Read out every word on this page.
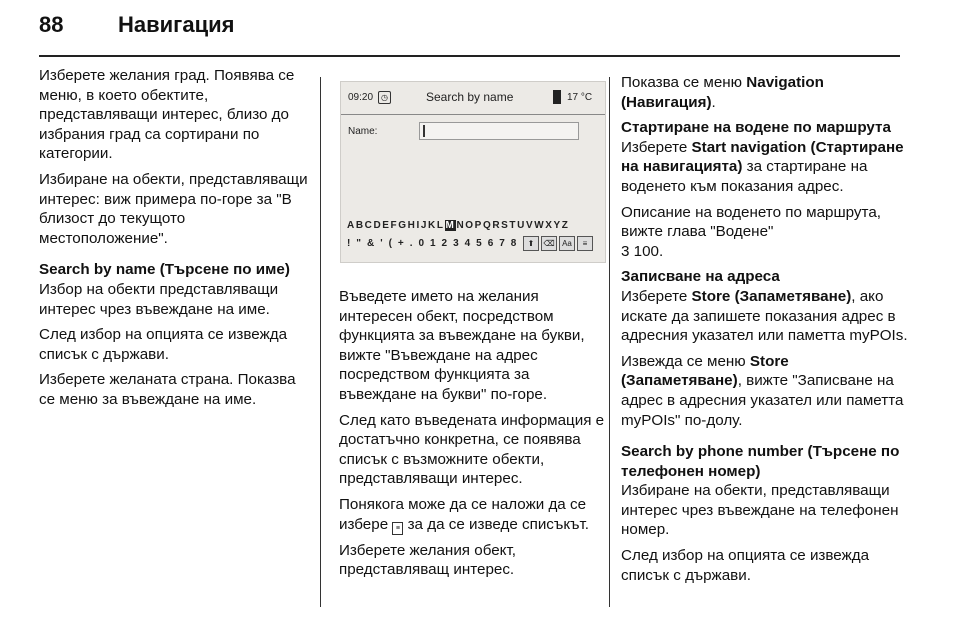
88 Навигация

Изберете желания град. Появява се меню, в което обектите, представляващи интерес, близо до избрания град са сортирани по категории.

Избиране на обекти, представляващи интерес: виж примера по-горе за "В близост до текущото местоположение".

Search by name (Търсене по име)

Избор на обекти представляващи интерес чрез въвеждане на име.

След избор на опцията се извежда списък с държави.

Изберете желаната страна. Показва се меню за въвеждане на име.

09:20 ◷	Search by name	17 °C
Name:
ABCDEFGHIJKLMNOPQRSTUVWXYZ
! " & ' ( + . 0 1 2 3 4 5 6 7 8	⬆	⌫ Aa	≡

Въведете името на желания интересен обект, посредством функцията за въвеждане на букви, вижте "Въвеждане на адрес посредством функцията за въвеждане на букви" по-горе.

След като въведената информация е достатъчно конкретна, се появява списък с възможните обекти, представляващи интерес.

Понякога може да се наложи да се избере ≡ за да се изведе списъкът.

Изберете желания обект, представляващ интерес.

Показва се меню Navigation (Навигация).

Стартиране на водене по маршрута

Изберете Start navigation (Стартиране на навигацията) за стартиране на воденето към показания адрес.

Описание на воденето по маршрута, вижте глава "Водене"
3 100.

Записване на адреса

Изберете Store (Запаметяване), ако искате да запишете показания адрес в адресния указател или паметта myPOIs.

Извежда се меню Store (Запаметяване), вижте "Записване на адрес в адресния указател или паметта myPOIs" по-долу.

Search by phone number (Търсене по телефонен номер)

Избиране на обекти, представляващи интерес чрез въвеждане на телефонен номер.

След избор на опцията се извежда списък с държави.
